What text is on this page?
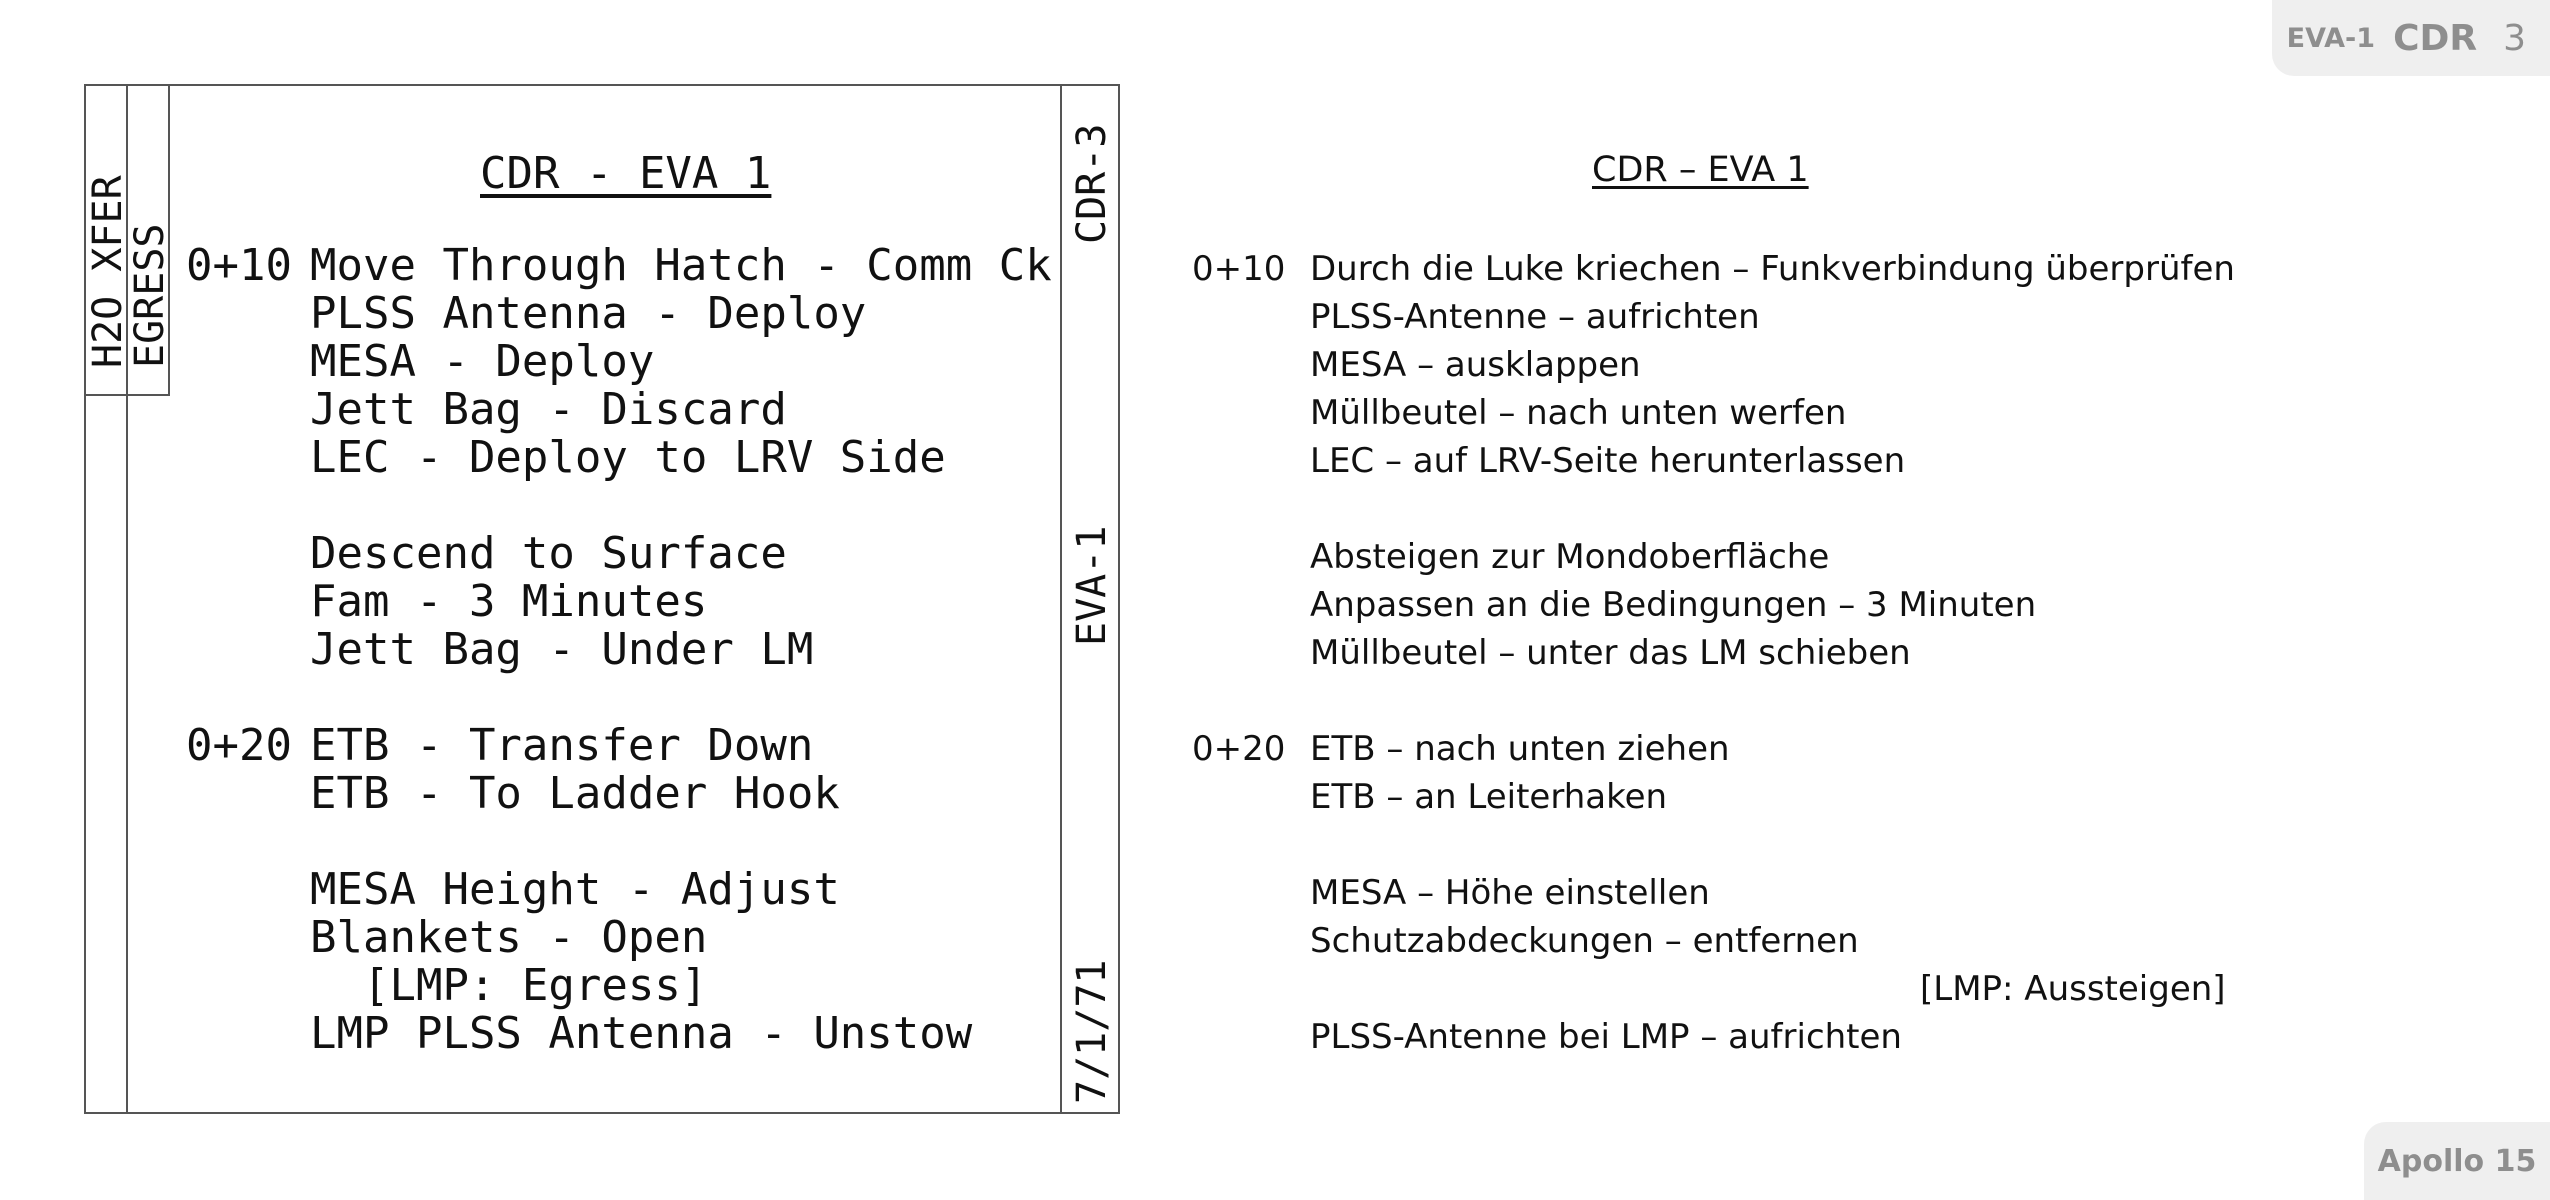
EVA-1 CDR 3
H2O XFER
EGRESS
CDR-3
EVA-1
7/1/71
CDR - EVA 1
0+10 Move Through Hatch - Comm Ck
PLSS Antenna - Deploy
MESA - Deploy
Jett Bag - Discard
LEC - Deploy to LRV Side
Descend to Surface
Fam - 3 Minutes
Jett Bag - Under LM
0+20 ETB - Transfer Down
ETB - To Ladder Hook
MESA Height - Adjust
Blankets - Open
[LMP: Egress]
LMP PLSS Antenna - Unstow
CDR – EVA 1
0+10 Durch die Luke kriechen – Funkverbindung überprüfen
PLSS-Antenne – aufrichten
MESA – ausklappen
Müllbeutel – nach unten werfen
LEC – auf LRV-Seite herunterlassen
Absteigen zur Mondoberfläche
Anpassen an die Bedingungen – 3 Minuten
Müllbeutel – unter das LM schieben
0+20 ETB – nach unten ziehen
ETB – an Leiterhaken
MESA – Höhe einstellen
Schutzabdeckungen – entfernen
[LMP: Aussteigen]
PLSS-Antenne bei LMP – aufrichten
Apollo 15
